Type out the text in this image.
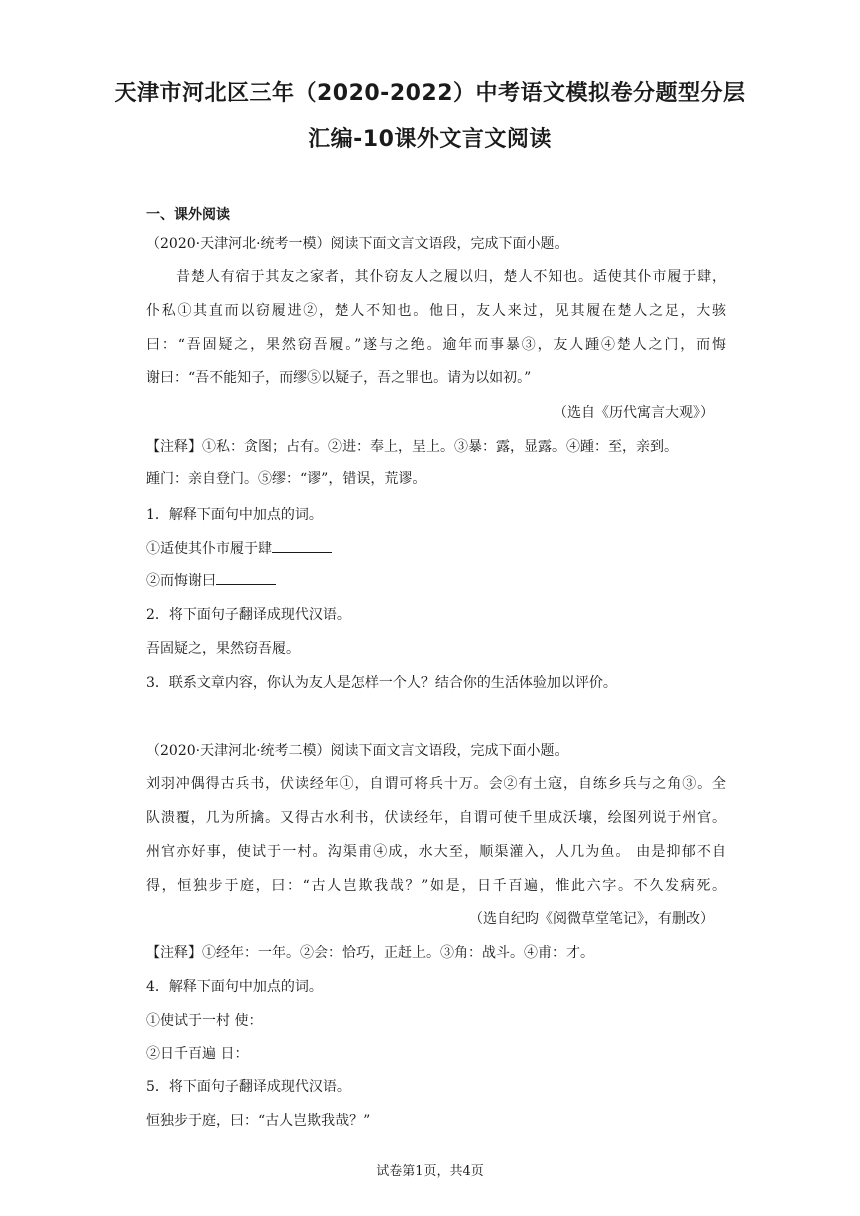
天津市河北区三年（2020-2022）中考语文模拟卷分题型分层
汇编-10课外文言文阅读
一、课外阅读
（2020·天津河北·统考一模）阅读下面文言文语段，完成下面小题。
昔楚人有宿于其友之家者，其仆窃友人之履以归，楚人不知也。适使其仆市履于肆，
仆私①其直而以窃履进②，楚人不知也。他日，友人来过，见其履在楚人之足，大骇
曰：“吾固疑之，果然窃吾履。”遂与之绝。逾年而事暴③，友人踵④楚人之门，而悔
谢曰：“吾不能知子，而缪⑤以疑子，吾之罪也。请为以如初。”
（选自《历代寓言大观》）
【注释】①私：贪图；占有。②进：奉上，呈上。③暴：露，显露。④踵：至，亲到。
踵门：亲自登门。⑤缪：“谬”，错误，荒谬。
1．解释下面句中加点的词。
①适使其仆市履于肆
②而悔谢曰
2．将下面句子翻译成现代汉语。
吾固疑之，果然窃吾履。
3．联系文章内容，你认为友人是怎样一个人？结合你的生活体验加以评价。
（2020·天津河北·统考二模）阅读下面文言文语段，完成下面小题。
刘羽冲偶得古兵书，伏读经年①，自谓可将兵十万。会②有土寇，自练乡兵与之角③。全
队溃覆，几为所擒。又得古水利书，伏读经年，自谓可使千里成沃壤，绘图列说于州官。
州官亦好事，使试于一村。沟渠甫④成，水大至，顺渠灌入，人几为鱼。 由是抑郁不自
得，恒独步于庭，曰：“古人岂欺我哉？”如是，日千百遍，惟此六字。不久发病死。
（选自纪昀《阅微草堂笔记》，有删改）
【注释】①经年：一年。②会：恰巧，正赶上。③角：战斗。④甫：才。
4．解释下面句中加点的词。
①使试于一村 使：
②日千百遍 日：
5．将下面句子翻译成现代汉语。
恒独步于庭，曰：“古人岂欺我哉？”
试卷第1页，共4页
